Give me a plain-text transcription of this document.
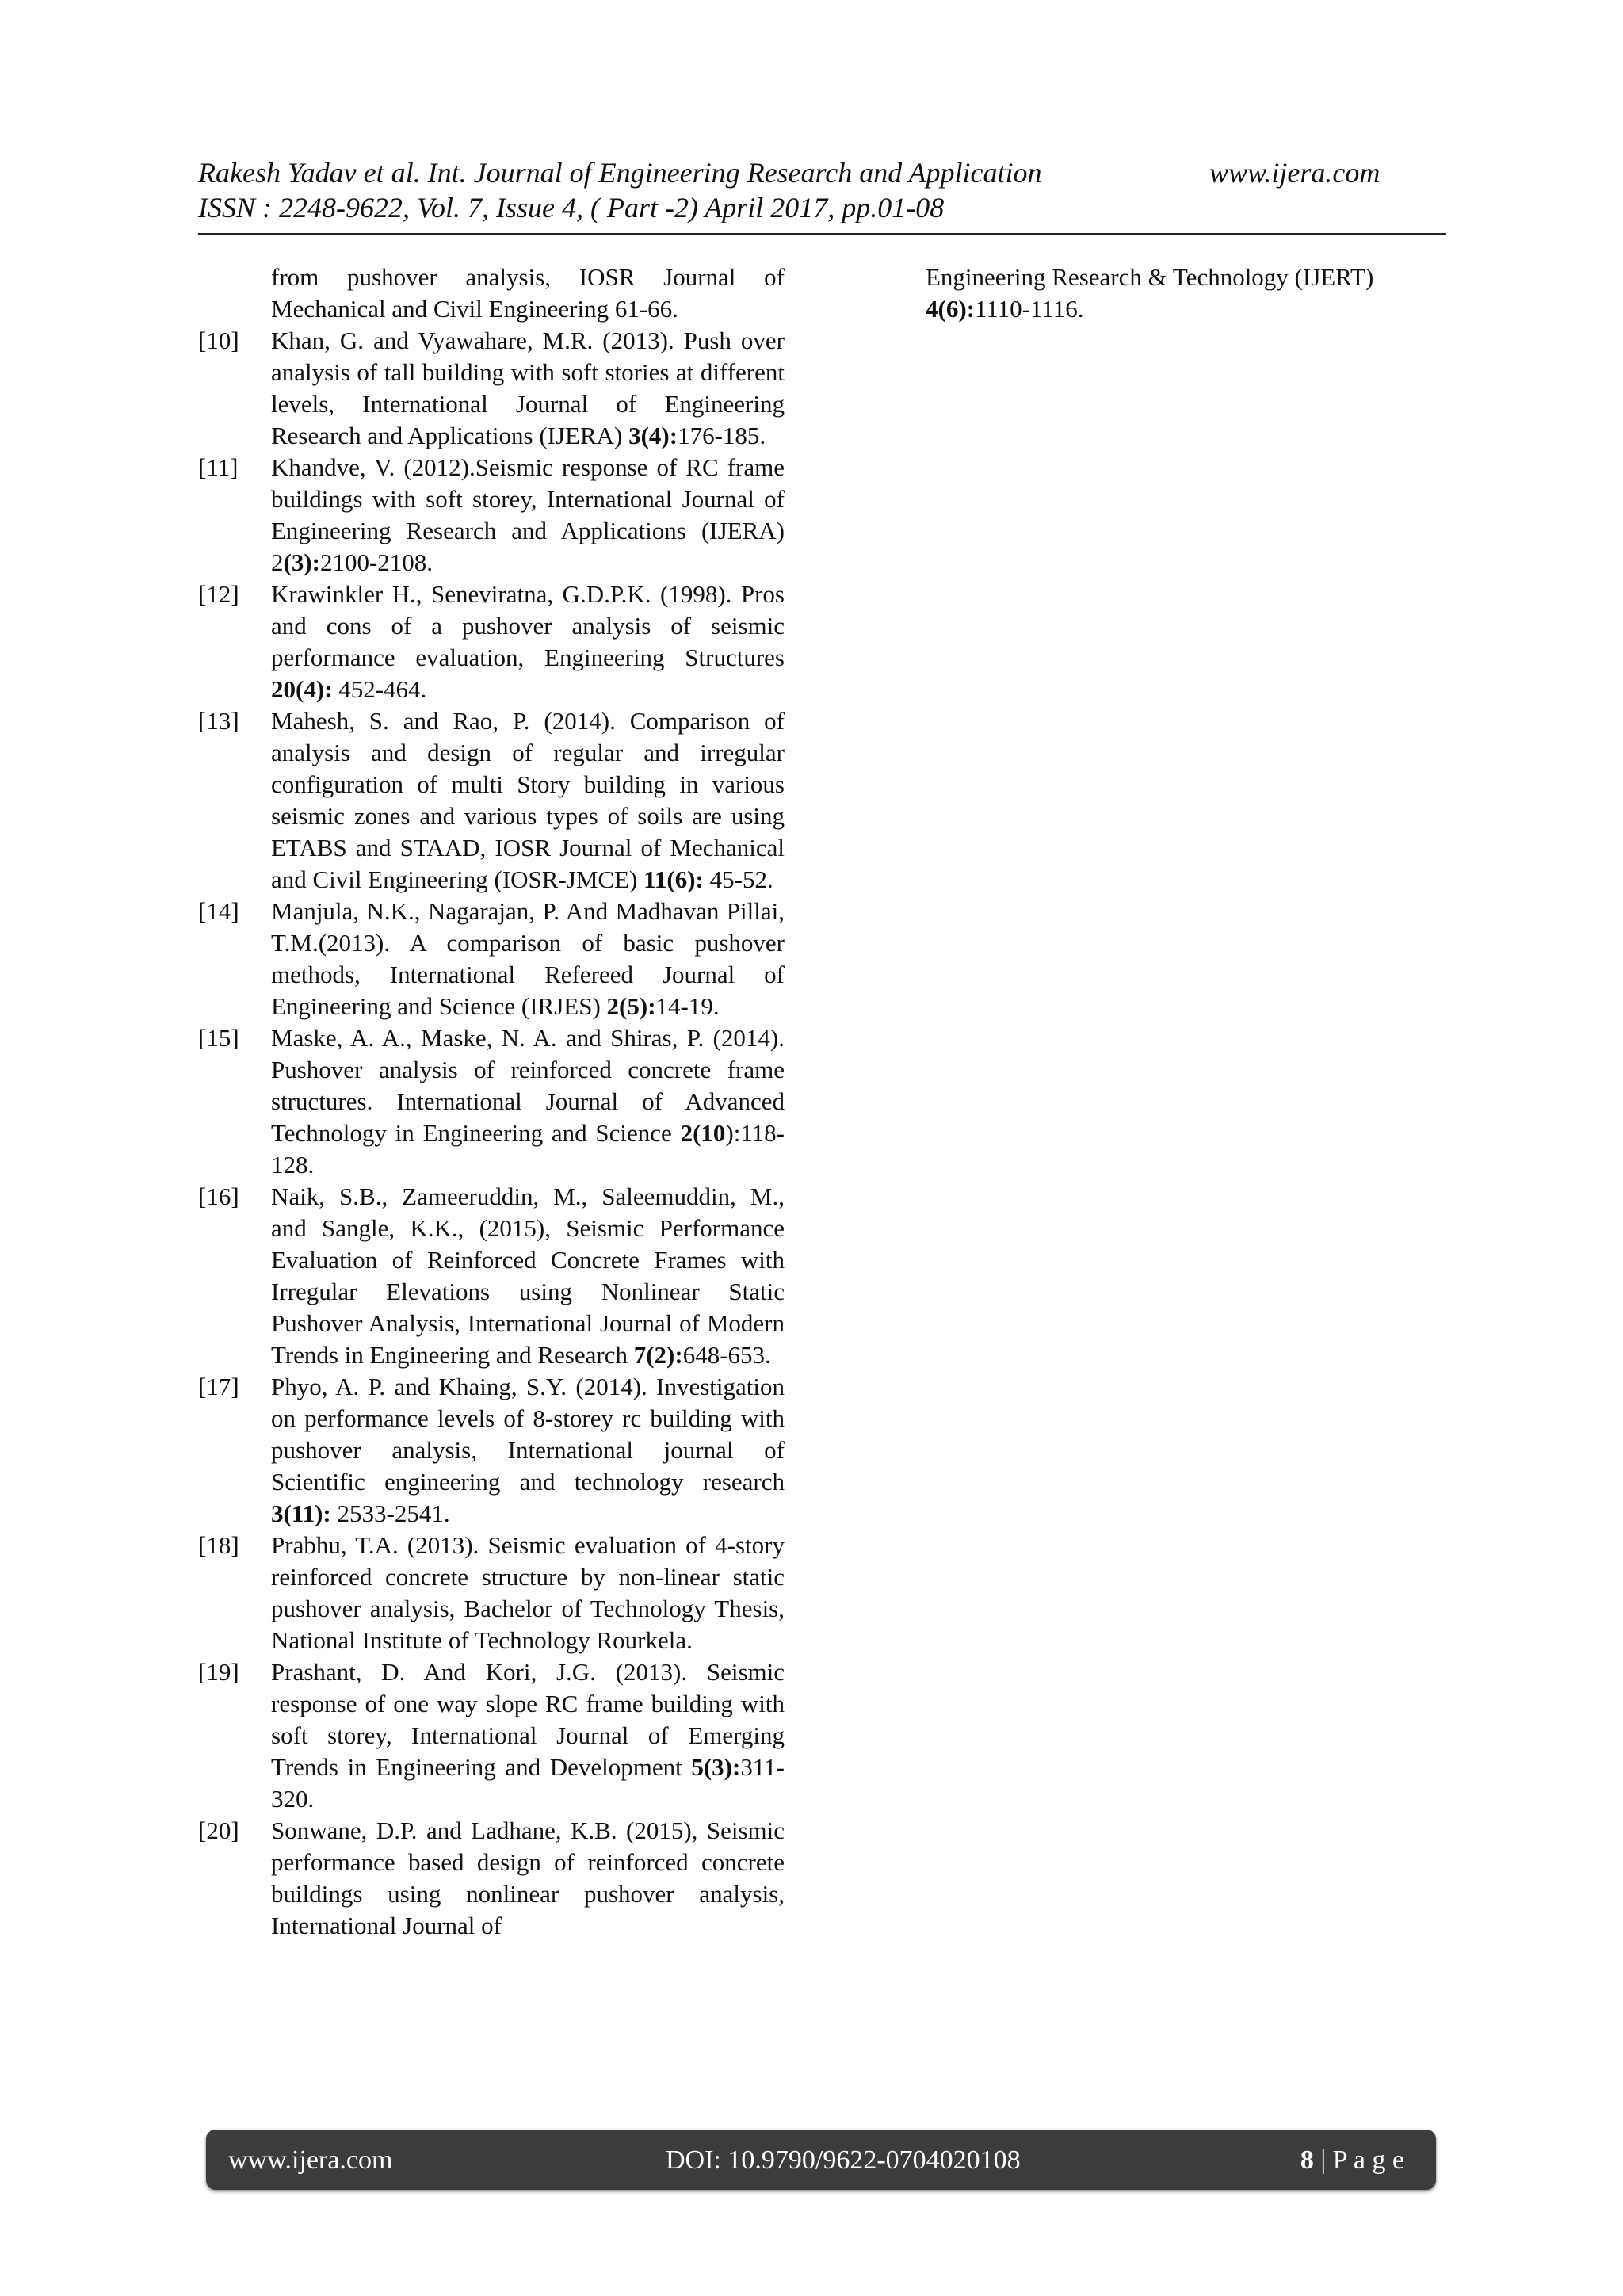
Rakesh Yadav et al. Int. Journal of Engineering Research and Application	www.ijera.com
ISSN : 2248-9622, Vol. 7, Issue 4, ( Part -2) April 2017, pp.01-08
from pushover analysis, IOSR Journal of Mechanical and Civil Engineering 61-66.
[10]	Khan, G. and Vyawahare, M.R. (2013). Push over analysis of tall building with soft stories at different levels, International Journal of Engineering Research and Applications (IJERA) 3(4):176-185.
[11]	Khandve, V. (2012).Seismic response of RC frame buildings with soft storey, International Journal of Engineering Research and Applications (IJERA) 2(3):2100-2108.
[12]	Krawinkler H., Seneviratna, G.D.P.K. (1998). Pros and cons of a pushover analysis of seismic performance evaluation, Engineering Structures 20(4): 452-464.
[13]	Mahesh, S. and Rao, P. (2014). Comparison of analysis and design of regular and irregular configuration of multi Story building in various seismic zones and various types of soils are using ETABS and STAAD, IOSR Journal of Mechanical and Civil Engineering (IOSR-JMCE) 11(6): 45-52.
[14]	Manjula, N.K., Nagarajan, P. And Madhavan Pillai, T.M.(2013). A comparison of basic pushover methods, International Refereed Journal of Engineering and Science (IRJES) 2(5):14-19.
[15]	Maske, A. A., Maske, N. A. and Shiras, P. (2014). Pushover analysis of reinforced concrete frame structures. International Journal of Advanced Technology in Engineering and Science 2(10):118-128.
[16]	Naik, S.B., Zameeruddin, M., Saleemuddin, M., and Sangle, K.K., (2015), Seismic Performance Evaluation of Reinforced Concrete Frames with Irregular Elevations using Nonlinear Static Pushover Analysis, International Journal of Modern Trends in Engineering and Research 7(2):648-653.
[17]	Phyo, A. P. and Khaing, S.Y. (2014). Investigation on performance levels of 8-storey rc building with pushover analysis, International journal of Scientific engineering and technology research 3(11): 2533-2541.
[18]	Prabhu, T.A. (2013). Seismic evaluation of 4-story reinforced concrete structure by non-linear static pushover analysis, Bachelor of Technology Thesis, National Institute of Technology Rourkela.
[19]	Prashant, D. And Kori, J.G. (2013). Seismic response of one way slope RC frame building with soft storey, International Journal of Emerging Trends in Engineering and Development 5(3):311-320.
[20]	Sonwane, D.P. and Ladhane, K.B. (2015), Seismic performance based design of reinforced concrete buildings using nonlinear pushover analysis, International Journal of
Engineering Research & Technology (IJERT) 4(6):1110-1116.
www.ijera.com	DOI: 10.9790/9622-0704020108	8 | P a g e
